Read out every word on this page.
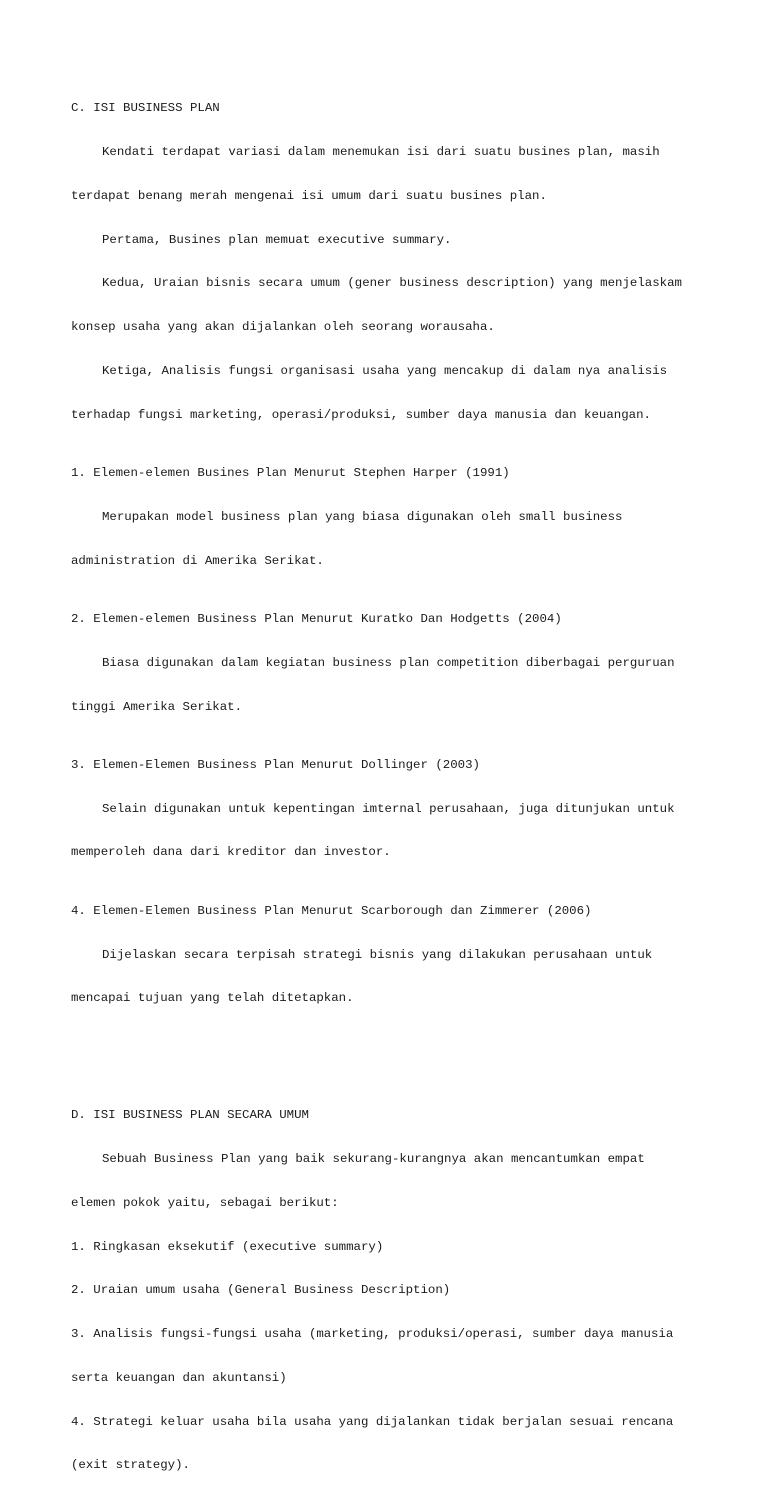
C. ISI BUSINESS PLAN

Kendati terdapat variasi dalam menemukan isi dari suatu busines plan, masih

terdapat benang merah mengenai isi umum dari suatu busines plan.

Pertama, Busines plan memuat executive summary.

Kedua, Uraian bisnis secara umum (gener business description) yang menjelaskam

konsep usaha yang akan dijalankan oleh seorang worausaha.

Ketiga, Analisis fungsi organisasi usaha yang mencakup di dalam nya analisis

terhadap fungsi marketing, operasi/produksi, sumber daya manusia dan keuangan.

1. Elemen-elemen Busines Plan Menurut Stephen Harper (1991)

Merupakan model business plan yang biasa digunakan oleh small business

administration di Amerika Serikat.

2. Elemen-elemen Business Plan Menurut Kuratko Dan Hodgetts (2004)

Biasa digunakan dalam kegiatan business plan competition diberbagai perguruan

tinggi Amerika Serikat.

3. Elemen-Elemen Business Plan Menurut Dollinger (2003)

Selain digunakan untuk kepentingan imternal perusahaan, juga ditunjukan untuk

memperoleh dana dari kreditor dan investor.

4. Elemen-Elemen Business Plan Menurut Scarborough dan Zimmerer (2006)

Dijelaskan secara terpisah strategi bisnis yang dilakukan perusahaan untuk

mencapai tujuan yang telah ditetapkan.

D. ISI BUSINESS PLAN SECARA UMUM

Sebuah Business Plan yang baik sekurang-kurangnya akan mencantumkan empat

elemen pokok yaitu, sebagai berikut:

1. Ringkasan eksekutif (executive summary)

2. Uraian umum usaha (General Business Description)

3. Analisis fungsi-fungsi usaha (marketing, produksi/operasi, sumber daya manusia

serta keuangan dan akuntansi)

4. Strategi keluar usaha bila usaha yang dijalankan tidak berjalan sesuai rencana

(exit strategy).
